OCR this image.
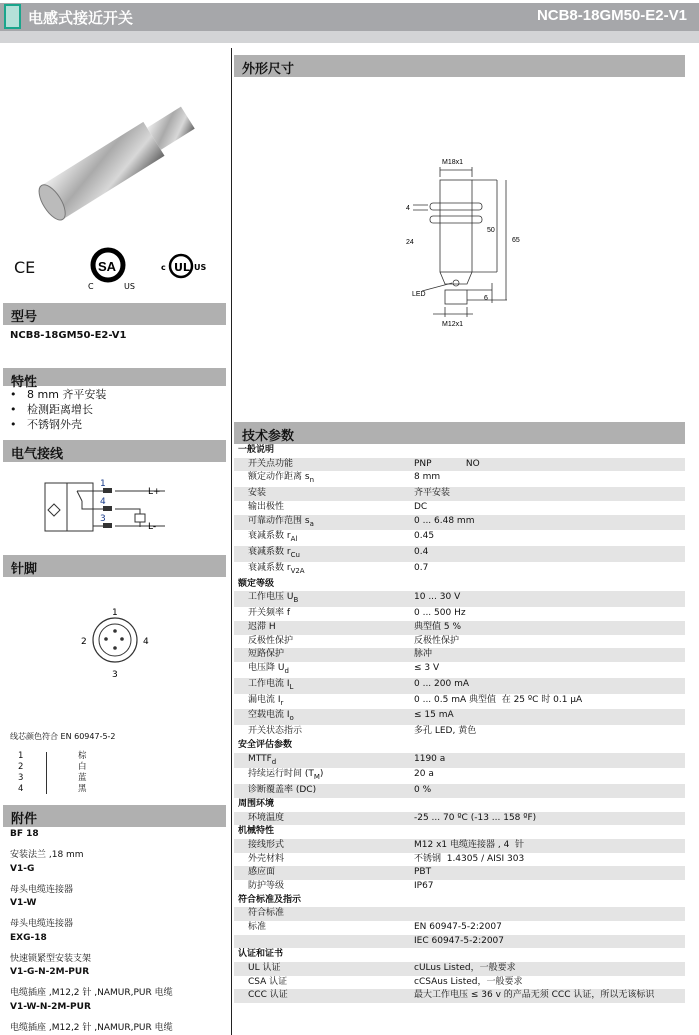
电感式接近开关	NCB8-18GM50-E2-V1
CE	SA
C	US
c UL US
型号
NCB8-18GM50-E2-V1
特性
•   8 mm 齐平安装
•   检测距离增长
•   不锈钢外壳
电气接线
1
4
3
L+
L-
针脚
1
2
3
4
线芯颜色符合 EN 60947-5-2
1	棕
2	白
3	蓝
4	黑
附件
BF 18
安装法兰 ,18 mm
V1-G
母头电缆连接器
V1-W
母头电缆连接器
EXG-18
快速锁紧型安装支架
V1-G-N-2M-PUR
电缆插座 ,M12,2 针 ,NAMUR,PUR 电缆
V1-W-N-2M-PUR
电缆插座 ,M12,2 针 ,NAMUR,PUR 电缆
外形尺寸
M18x1
4
24
50
65
6
LED
M12x1
技术参数
一般说明	
开关点功能	PNP            NO
额定动作距离 $s_n$	8 mm
安装	齐平安装
输出极性	DC
可靠动作范围 $s_a$	0 ... 6.48 mm
衰减系数 $r_{Al}$	0.45
衰减系数 $r_{Cu}$	0.4
衰减系数 $r_{V2A}$	0.7
额定等级	
工作电压 $U_B$	10 ... 30 V
开关频率 f	0 ... 500 Hz
迟滞 H	典型值 5 %
反极性保护	反极性保护
短路保护	脉冲
电压降 $U_d$	≤ 3 V
工作电流 $I_L$	0 ... 200 mA
漏电流 $I_r$	0 ... 0.5 mA 典型值  在 25 ºC 时 0.1 µA
空载电流 $I_o$	≤ 15 mA
开关状态指示	多孔 LED, 黄色
安全评估参数	
$MTTF_d$	1190 a
持续运行时间 $(T_M)$	20 a
诊断覆盖率 (DC)	0 %
周围环境	
环境温度	-25 ... 70 ºC (-13 ... 158 ºF)
机械特性	
接线形式	M12 x1 电缆连接器 , 4  针
外壳材料	不锈钢  1.4305 / AISI 303
感应面	PBT
防护等级	IP67
符合标准及指示	
符合标准	
标准	EN 60947-5-2:2007
	IEC 60947-5-2:2007
认证和证书	
UL 认证	cULus Listed，一般要求
CSA 认证	cCSAus Listed，一般要求
CCC 认证	最大工作电压 ≤ 36 v 的产品无须 CCC 认证，所以无该标识
